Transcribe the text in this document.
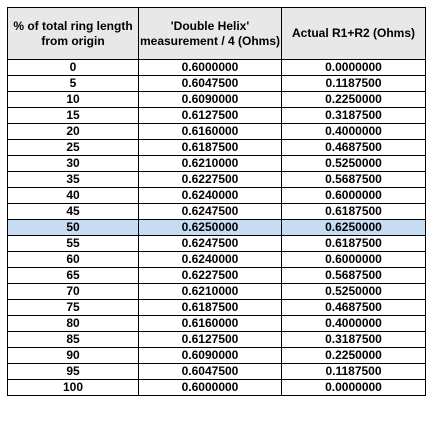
% of total ring length from origin	'Double Helix' measurement / 4 (Ohms)	Actual R1+R2 (Ohms)
0	0.6000000	0.0000000
5	0.6047500	0.1187500
10	0.6090000	0.2250000
15	0.6127500	0.3187500
20	0.6160000	0.4000000
25	0.6187500	0.4687500
30	0.6210000	0.5250000
35	0.6227500	0.5687500
40	0.6240000	0.6000000
45	0.6247500	0.6187500
50	0.6250000	0.6250000
55	0.6247500	0.6187500
60	0.6240000	0.6000000
65	0.6227500	0.5687500
70	0.6210000	0.5250000
75	0.6187500	0.4687500
80	0.6160000	0.4000000
85	0.6127500	0.3187500
90	0.6090000	0.2250000
95	0.6047500	0.1187500
100	0.6000000	0.0000000
